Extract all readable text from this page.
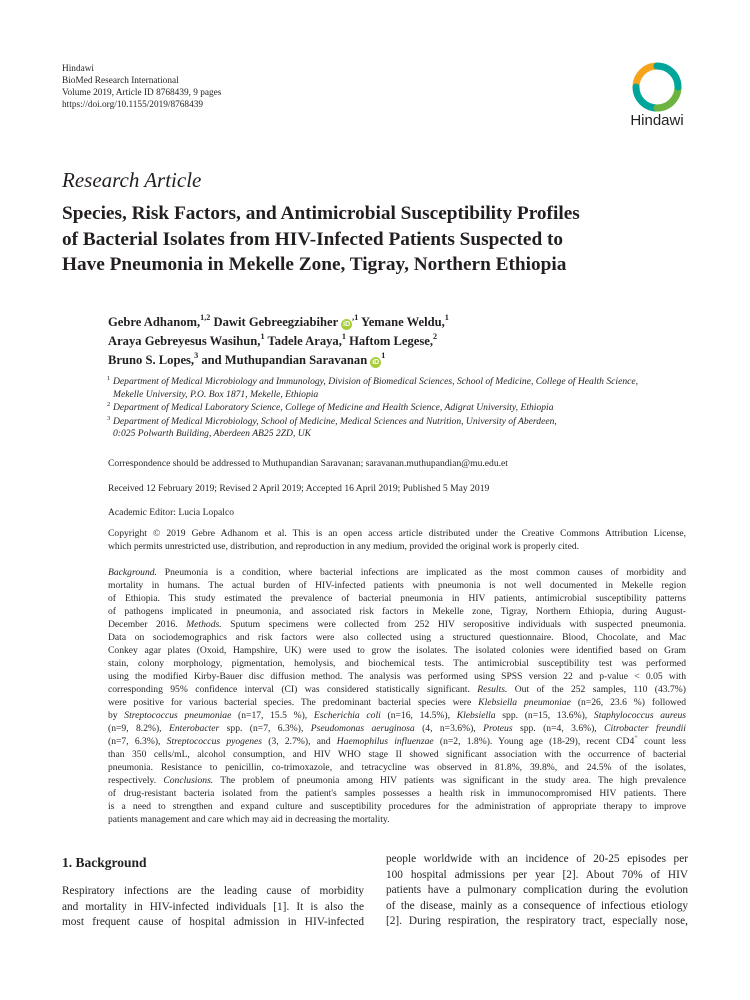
Hindawi
BioMed Research International
Volume 2019, Article ID 8768439, 9 pages
https://doi.org/10.1155/2019/8768439
Hindawi
Research Article
Species, Risk Factors, and Antimicrobial Susceptibility Profiles
of Bacterial Isolates from HIV-Infected Patients Suspected to
Have Pneumonia in Mekelle Zone, Tigray, Northern Ethiopia
Gebre Adhanom,$^{1,2}$ Dawit Gebreegziabiher $iD^{,1}$ Yemane Weldu,$^1$
Araya Gebreyesus Wasihun,$^1$ Tadele Araya,$^1$ Haftom Legese,$^2$
Bruno S. Lopes,$^3$ and Muthupandian Saravanan $iD^1$
1 Department of Medical Microbiology and Immunology, Division of Biomedical Sciences, School of Medicine, College of Health Science,
Mekelle University, P.O. Box 1871, Mekelle, Ethiopia
2 Department of Medical Laboratory Science, College of Medicine and Health Science, Adigrat University, Ethiopia
3 Department of Medical Microbiology, School of Medicine, Medical Sciences and Nutrition, University of Aberdeen,
0:025 Polwarth Building, Aberdeen AB25 2ZD, UK
Correspondence should be addressed to Muthupandian Saravanan; saravanan.muthupandian@mu.edu.et
Received 12 February 2019; Revised 2 April 2019; Accepted 16 April 2019; Published 5 May 2019
Academic Editor: Lucia Lopalco
Copyright © 2019 Gebre Adhanom et al. This is an open access article distributed under the Creative Commons Attribution License,
which permits unrestricted use, distribution, and reproduction in any medium, provided the original work is properly cited.
Background. Pneumonia is a condition, where bacterial infections are implicated as the most common causes of morbidity and
mortality in humans. The actual burden of HIV-infected patients with pneumonia is not well documented in Mekelle region
of Ethiopia. This study estimated the prevalence of bacterial pneumonia in HIV patients, antimicrobial susceptibility patterns
of pathogens implicated in pneumonia, and associated risk factors in Mekelle zone, Tigray, Northern Ethiopia, during August-
December 2016. Methods. Sputum specimens were collected from 252 HIV seropositive individuals with suspected pneumonia.
Data on sociodemographics and risk factors were also collected using a structured questionnaire. Blood, Chocolate, and Mac
Conkey agar plates (Oxoid, Hampshire, UK) were used to grow the isolates. The isolated colonies were identified based on Gram
stain, colony morphology, pigmentation, hemolysis, and biochemical tests. The antimicrobial susceptibility test was performed
using the modified Kirby-Bauer disc diffusion method. The analysis was performed using SPSS version 22 and p-value < 0.05 with
corresponding 95% confidence interval (CI) was considered statistically significant. Results. Out of the 252 samples, 110 (43.7%)
were positive for various bacterial species. The predominant bacterial species were Klebsiella pneumoniae (n=26, 23.6 %) followed
by Streptococcus pneumoniae (n=17, 15.5 %), Escherichia coli (n=16, 14.5%), Klebsiella spp. (n=15, 13.6%), Staphylococcus aureus
(n=9, 8.2%), Enterobacter spp. (n=7, 6.3%), Pseudomonas aeruginosa (4, n=3.6%), Proteus spp. (n=4, 3.6%), Citrobacter freundii
(n=7, 6.3%), Streptococcus pyogenes (3, 2.7%), and Haemophilus influenzae (n=2, 1.8%). Young age (18-29), recent CD4+ count less
than 350 cells/mL, alcohol consumption, and HIV WHO stage II showed significant association with the occurrence of bacterial
pneumonia. Resistance to penicillin, co-trimoxazole, and tetracycline was observed in 81.8%, 39.8%, and 24.5% of the isolates,
respectively. Conclusions. The problem of pneumonia among HIV patients was significant in the study area. The high prevalence
of drug-resistant bacteria isolated from the patient's samples possesses a health risk in immunocompromised HIV patients. There
is a need to strengthen and expand culture and susceptibility procedures for the administration of appropriate therapy to improve
patients management and care which may aid in decreasing the mortality.
1. Background
Respiratory infections are the leading cause of morbidity
and mortality in HIV-infected individuals [1]. It is also the
most frequent cause of hospital admission in HIV-infected
people worldwide with an incidence of 20-25 episodes per
100 hospital admissions per year [2]. About 70% of HIV
patients have a pulmonary complication during the evolution
of the disease, mainly as a consequence of infectious etiology
[2]. During respiration, the respiratory tract, especially nose,
